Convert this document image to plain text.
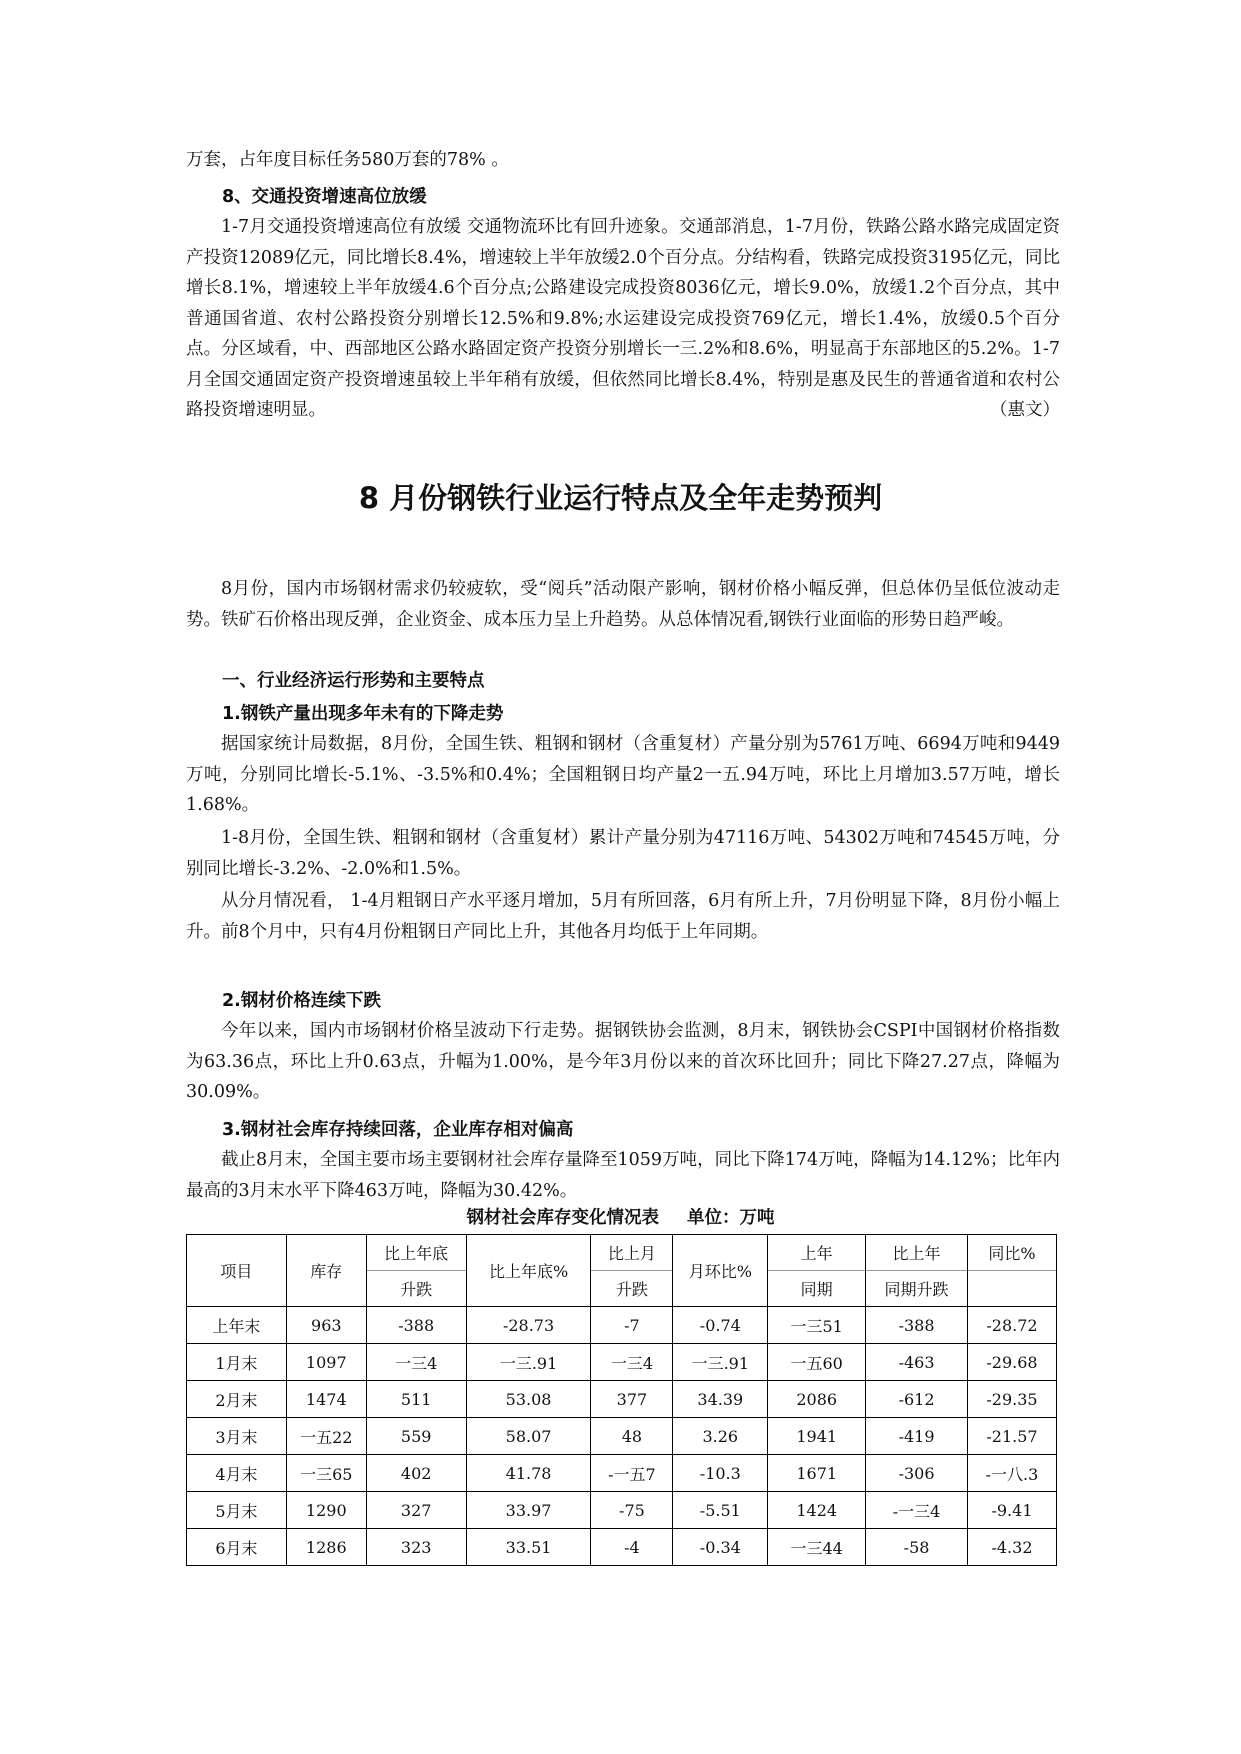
万套，占年度目标任务580万套的78% 。

8、交通投资增速高位放缓

1-7月交通投资增速高位有放缓 交通物流环比有回升迹象。交通部消息，1-7月份，铁路公路水路完成固定资产投资12089亿元，同比增长8.4%，增速较上半年放缓2.0个百分点。分结构看，铁路完成投资3195亿元，同比增长8.1%，增速较上半年放缓4.6个百分点;公路建设完成投资8036亿元，增长9.0%，放缓1.2个百分点，其中普通国省道、农村公路投资分别增长12.5%和9.8%;水运建设完成投资769亿元，增长1.4%，放缓0.5个百分点。分区域看，中、西部地区公路水路固定资产投资分别增长一三.2%和8.6%，明显高于东部地区的5.2%。1-7月全国交通固定资产投资增速虽较上半年稍有放缓，但依然同比增长8.4%，特别是惠及民生的普通省道和农村公路投资增速明显。	（惠文）
8 月份钢铁行业运行特点及全年走势预判

8月份，国内市场钢材需求仍较疲软，受“阅兵”活动限产影响，钢材价格小幅反弹，但总体仍呈低位波动走势。铁矿石价格出现反弹，企业资金、成本压力呈上升趋势。从总体情况看,钢铁行业面临的形势日趋严峻。

一、行业经济运行形势和主要特点

1.钢铁产量出现多年未有的下降走势

据国家统计局数据，8月份，全国生铁、粗钢和钢材（含重复材）产量分别为5761万吨、6694万吨和9449万吨，分别同比增长-5.1%、-3.5%和0.4%；全国粗钢日均产量2一五.94万吨，环比上月增加3.57万吨，增长1.68%。

1-8月份，全国生铁、粗钢和钢材（含重复材）累计产量分别为47116万吨、54302万吨和74545万吨，分别同比增长-3.2%、-2.0%和1.5%。

从分月情况看， 1-4月粗钢日产水平逐月增加，5月有所回落，6月有所上升，7月份明显下降，8月份小幅上升。前8个月中，只有4月份粗钢日产同比上升，其他各月均低于上年同期。

2.钢材价格连续下跌

今年以来，国内市场钢材价格呈波动下行走势。据钢铁协会监测，8月末，钢铁协会CSPI中国钢材价格指数为63.36点，环比上升0.63点，升幅为1.00%，是今年3月份以来的首次环比回升；同比下降27.27点，降幅为30.09%。

3.钢材社会库存持续回落，企业库存相对偏高

截止8月末，全国主要市场主要钢材社会库存量降至1059万吨，同比下降174万吨，降幅为14.12%；比年内最高的3月末水平下降463万吨，降幅为30.42%。

钢材社会库存变化情况表 单位：万吨
项目	库存	比上年底	比上年底%	比上月	月环比%	上年	比上年	同比%
		升跌		升跌		同期	同期升跌	
上年末	963	-388	-28.73	-7	-0.74	一三51	-388	-28.72
1月末	1097	一三4	一三.91	一三4	一三.91	一五60	-463	-29.68
2月末	1474	511	53.08	377	34.39	2086	-612	-29.35
3月末	一五22	559	58.07	48	3.26	1941	-419	-21.57
4月末	一三65	402	41.78	-一五7	-10.3	1671	-306	-一八.3
5月末	1290	327	33.97	-75	-5.51	1424	-一三4	-9.41
6月末	1286	323	33.51	-4	-0.34	一三44	-58	-4.32
